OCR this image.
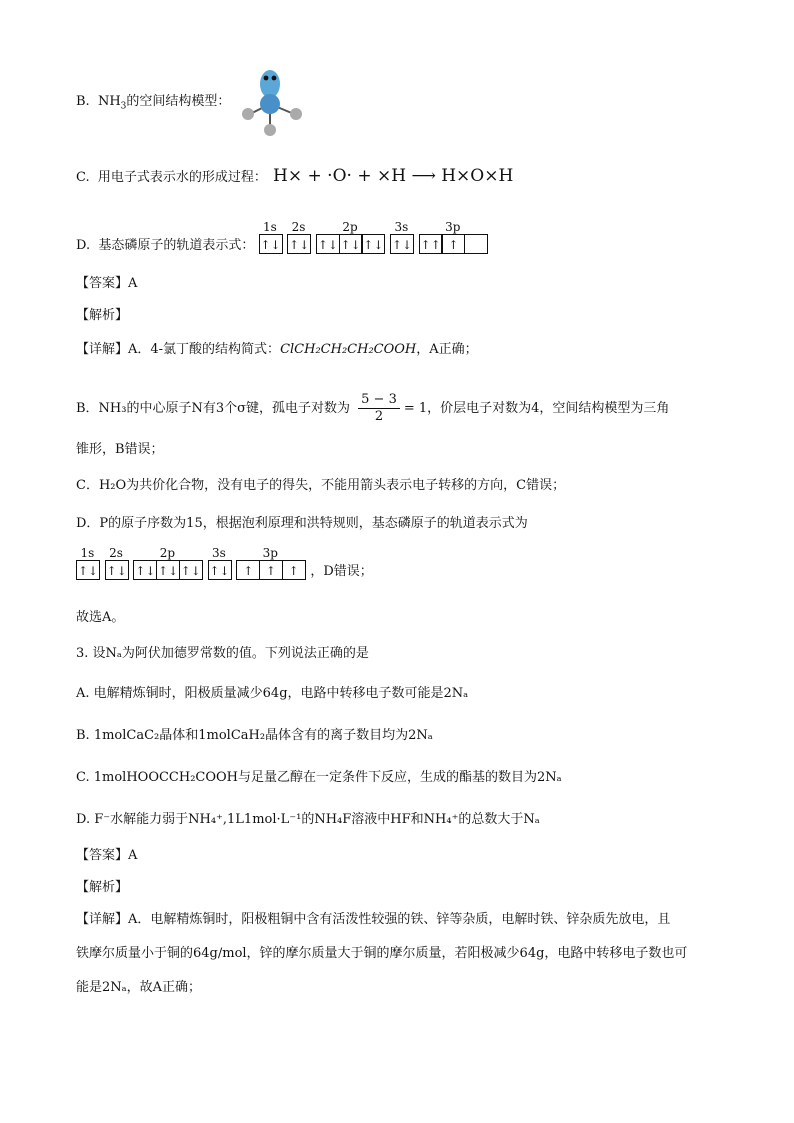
B. $NH_3$的空间结构模型：
C. 用电子式表示水的形成过程： H× + ·O· + ×H ⟶ H×O×H
D. 基态磷原子的轨道表示式：
1s
↑↓
2s
↑↓
2p
↑↓ ↑↓ ↑↓
3s
↑↓
3p
↑↑ ↑
【答案】A
【解析】
【详解】A．4-氯丁酸的结构简式：ClCH₂CH₂CH₂COOH，A正确；
B．NH₃的中心原子N有3个σ键，孤电子对数为 $\frac{5 - 3}{2} = 1$，价层电子对数为4，空间结构模型为三角
锥形，B错误；
C．H₂O为共价化合物，没有电子的得失，不能用箭头表示电子转移的方向，C错误；
D．P的原子序数为15，根据泡利原理和洪特规则，基态磷原子的轨道表示式为
1s
↑↓
2s
↑↓
2p
↑↓ ↑↓ ↑↓
3s
↑↓
3p
↑	↑	↑ ，D错误；
故选A。
3. 设Nₐ为阿伏加德罗常数的值。下列说法正确的是
A. 电解精炼铜时，阳极质量减少64g，电路中转移电子数可能是2Nₐ
B. 1molCaC₂晶体和1molCaH₂晶体含有的离子数目均为2Nₐ
C. 1molHOOCCH₂COOH与足量乙醇在一定条件下反应，生成的酯基的数目为2Nₐ
D. F⁻水解能力弱于NH₄⁺,1L1mol·L⁻¹的NH₄F溶液中HF和NH₄⁺的总数大于Nₐ
【答案】A
【解析】
【详解】A．电解精炼铜时，阳极粗铜中含有活泼性较强的铁、锌等杂质，电解时铁、锌杂质先放电，且
铁摩尔质量小于铜的64g/mol，锌的摩尔质量大于铜的摩尔质量，若阳极减少64g，电路中转移电子数也可
能是2Nₐ，故A正确；
